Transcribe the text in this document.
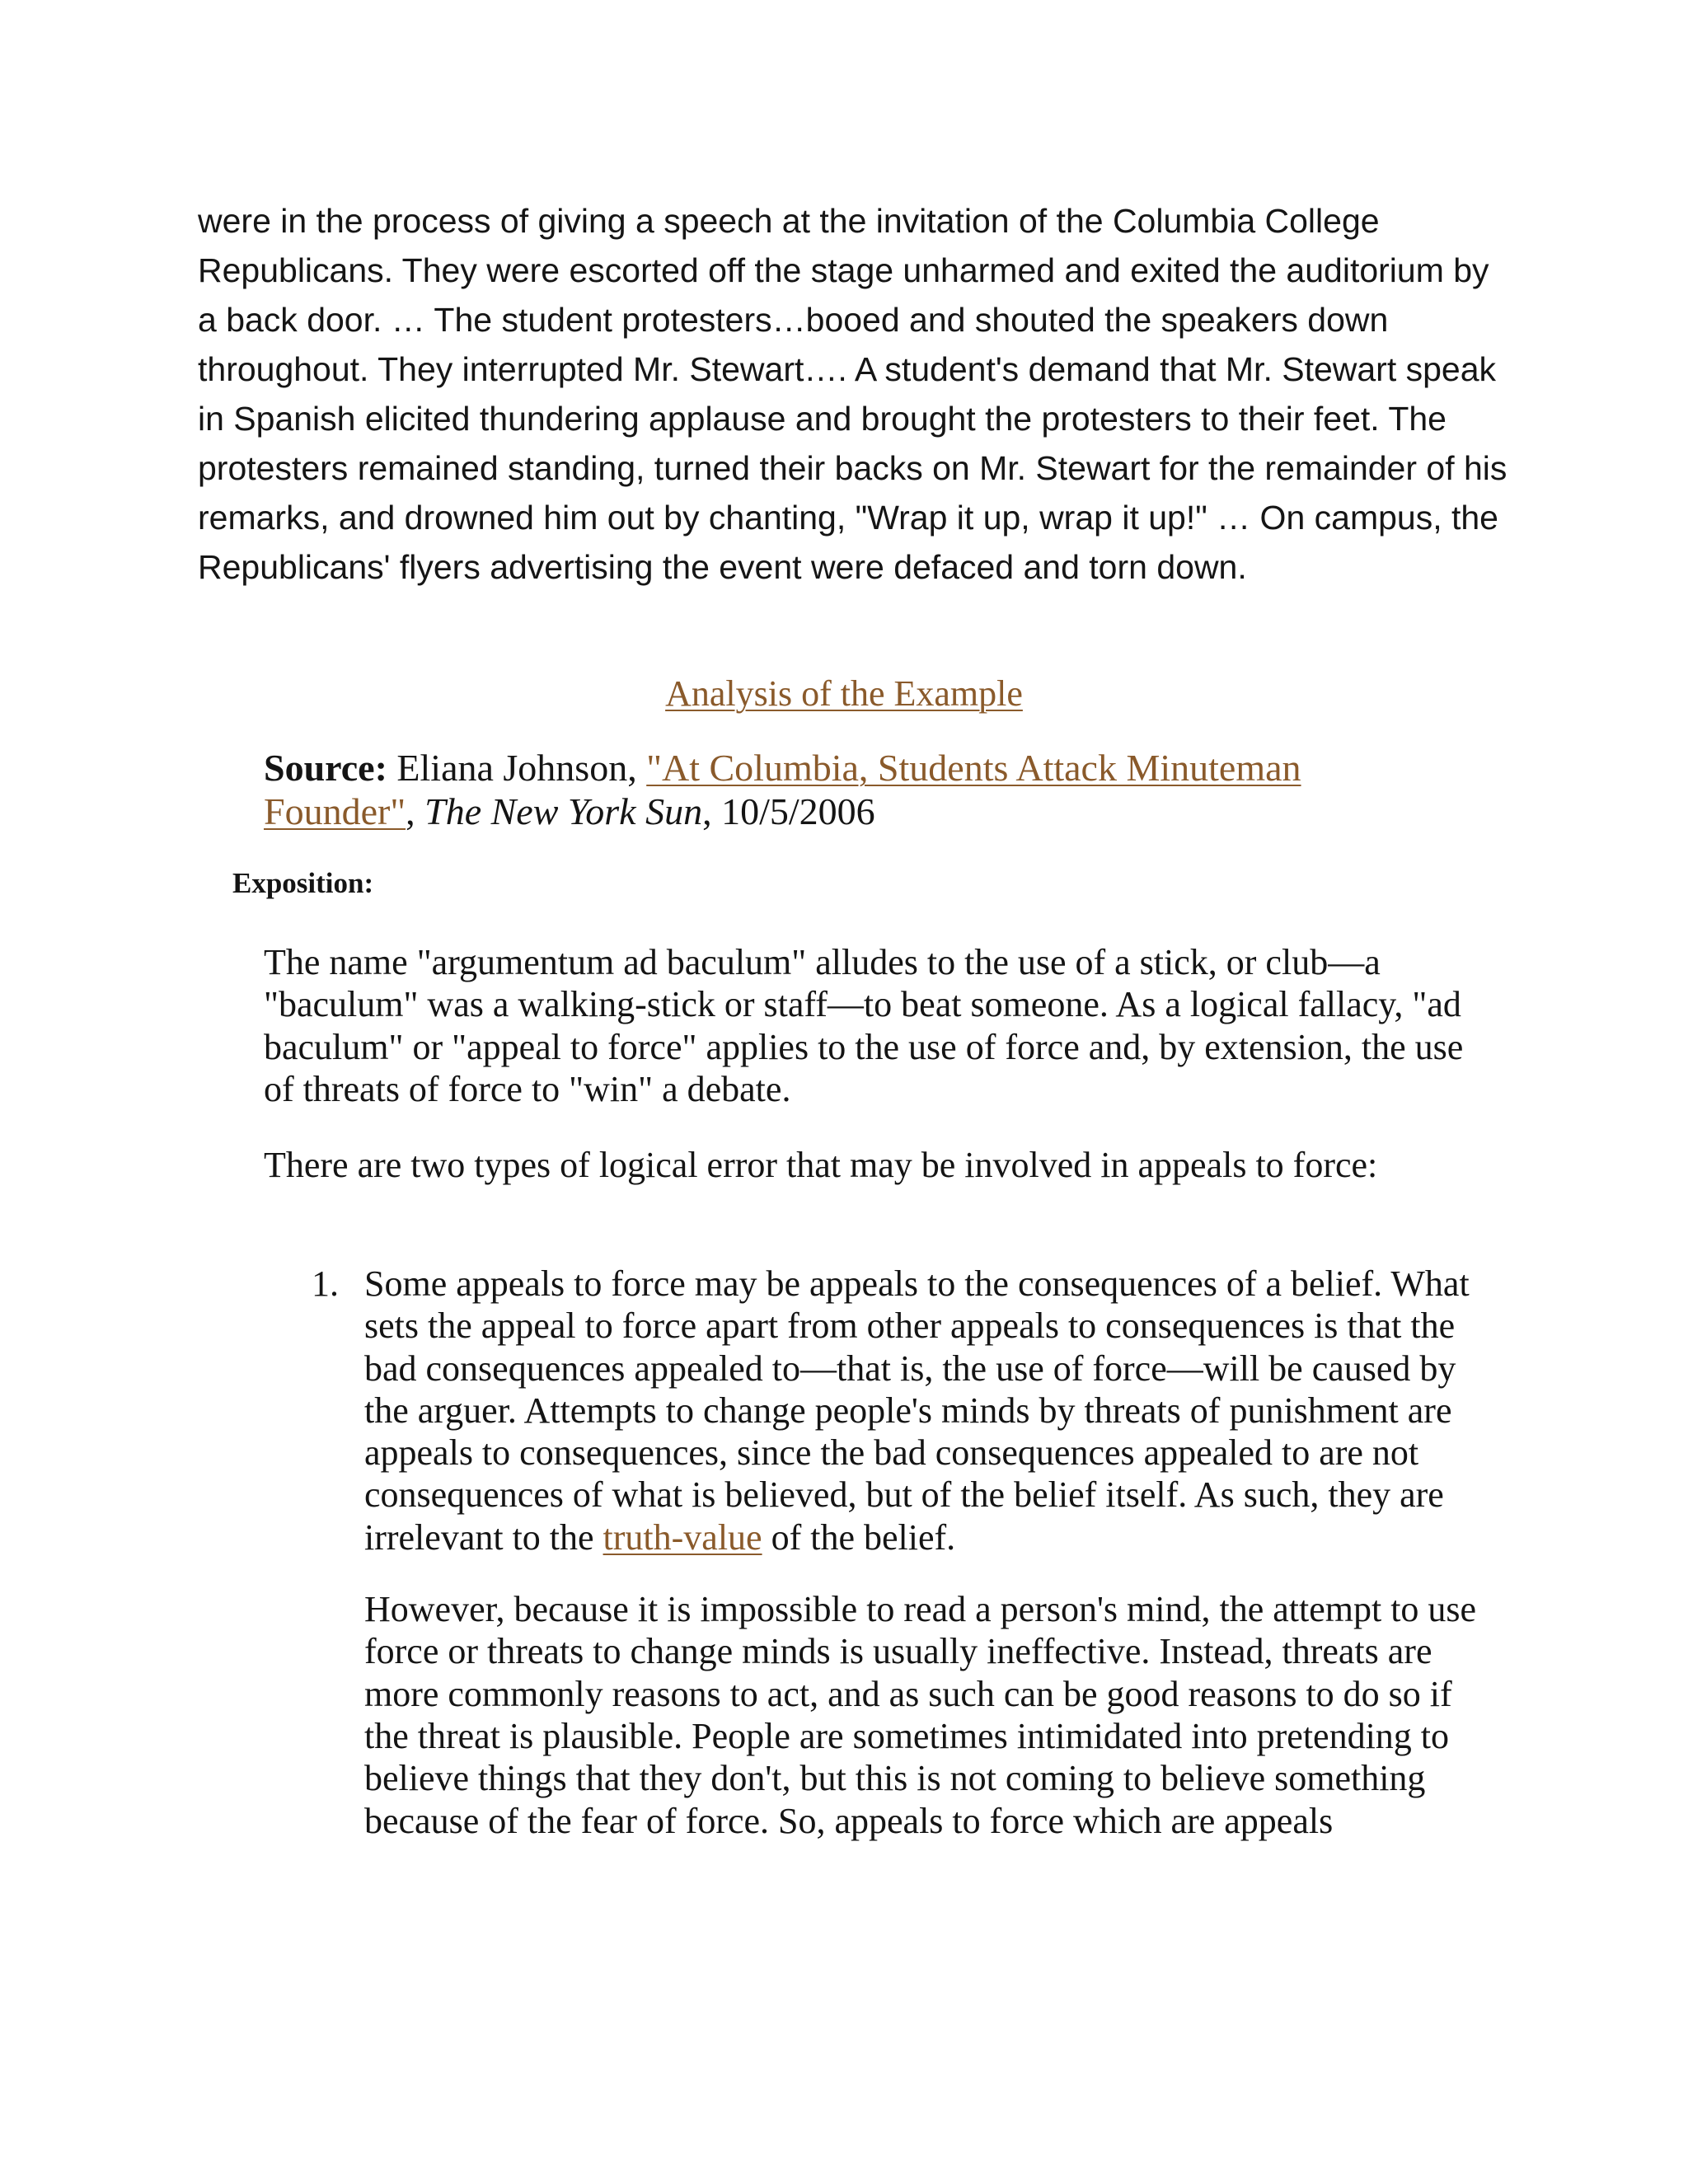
were in the process of giving a speech at the invitation of the Columbia College Republicans. They were escorted off the stage unharmed and exited the auditorium by a back door. … The student protesters…booed and shouted the speakers down throughout. They interrupted Mr. Stewart…. A student's demand that Mr. Stewart speak in Spanish elicited thundering applause and brought the protesters to their feet. The protesters remained standing, turned their backs on Mr. Stewart for the remainder of his remarks, and drowned him out by chanting, "Wrap it up, wrap it up!" … On campus, the Republicans' flyers advertising the event were defaced and torn down.

Analysis of the Example

Source: Eliana Johnson, "At Columbia, Students Attack Minuteman Founder", The New York Sun, 10/5/2006

Exposition:

The name "argumentum ad baculum" alludes to the use of a stick, or club—a "baculum" was a walking-stick or staff—to beat someone. As a logical fallacy, "ad baculum" or "appeal to force" applies to the use of force and, by extension, the use of threats of force to "win" a debate.

There are two types of logical error that may be involved in appeals to force:

1. Some appeals to force may be appeals to the consequences of a belief. What sets the appeal to force apart from other appeals to consequences is that the bad consequences appealed to—that is, the use of force—will be caused by the arguer. Attempts to change people's minds by threats of punishment are appeals to consequences, since the bad consequences appealed to are not consequences of what is believed, but of the belief itself. As such, they are irrelevant to the truth-value of the belief.

However, because it is impossible to read a person's mind, the attempt to use force or threats to change minds is usually ineffective. Instead, threats are more commonly reasons to act, and as such can be good reasons to do so if the threat is plausible. People are sometimes intimidated into pretending to believe things that they don't, but this is not coming to believe something because of the fear of force. So, appeals to force which are appeals
